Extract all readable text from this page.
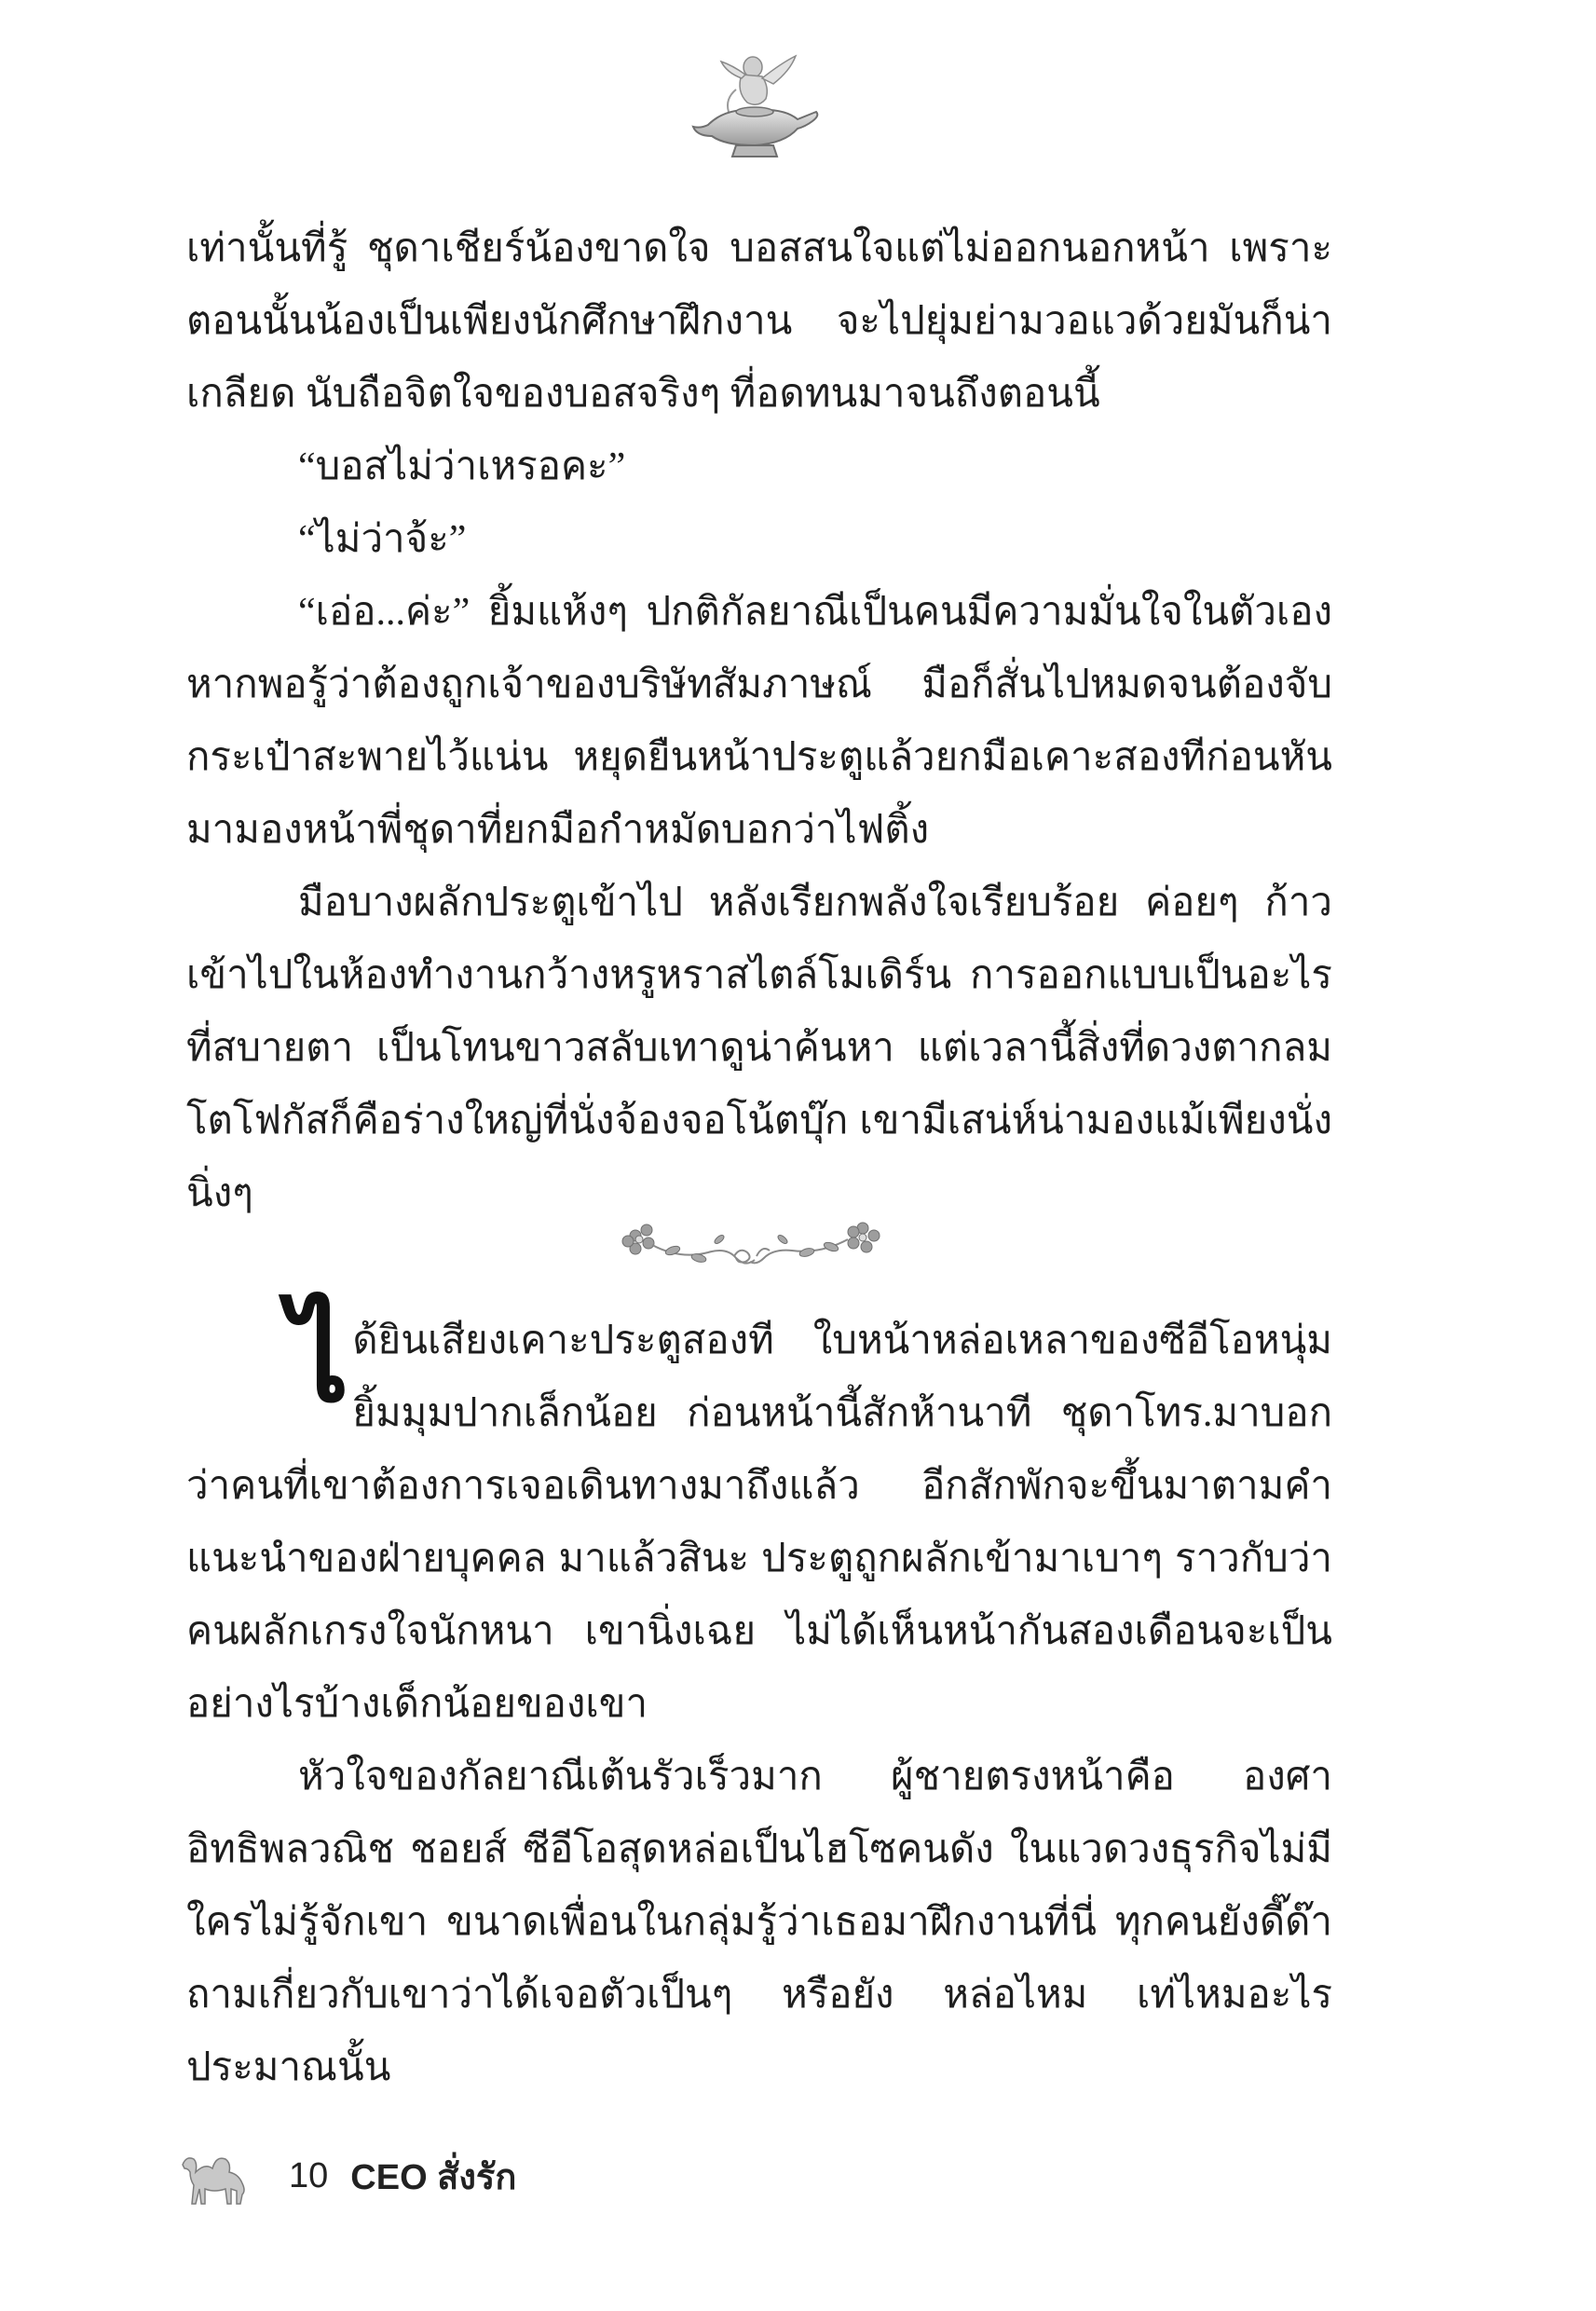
เท่านั้นที่รู้ ชุดาเชียร์น้องขาดใจ บอสสนใจแต่ไม่ออกนอกหน้า เพราะตอนนั้นน้องเป็นเพียงนักศึกษาฝึกงาน จะไปยุ่มย่ามวอแวด้วยมันก็น่าเกลียด นับถือจิตใจของบอสจริงๆ ที่อดทนมาจนถึงตอนนี้

“บอสไม่ว่าเหรอคะ”

“ไม่ว่าจ้ะ”

“เอ่อ...ค่ะ” ยิ้มแห้งๆ ปกติกัลยาณีเป็นคนมีความมั่นใจในตัวเองหากพอรู้ว่าต้องถูกเจ้าของบริษัทสัมภาษณ์ มือก็สั่นไปหมดจนต้องจับกระเป๋าสะพายไว้แน่น หยุดยืนหน้าประตูแล้วยกมือเคาะสองทีก่อนหันมามองหน้าพี่ชุดาที่ยกมือกำหมัดบอกว่าไฟติ้ง

มือบางผลักประตูเข้าไป หลังเรียกพลังใจเรียบร้อย ค่อยๆ ก้าวเข้าไปในห้องทำงานกว้างหรูหราสไตล์โมเดิร์น การออกแบบเป็นอะไรที่สบายตา เป็นโทนขาวสลับเทาดูน่าค้นหา แต่เวลานี้สิ่งที่ดวงตากลมโตโฟกัสก็คือร่างใหญ่ที่นั่งจ้องจอโน้ตบุ๊ก เขามีเสน่ห์น่ามองแม้เพียงนั่งนิ่งๆ

ได้ยินเสียงเคาะประตูสองที ใบหน้าหล่อเหลาของซีอีโอหนุ่มยิ้มมุมปากเล็กน้อย ก่อนหน้านี้สักห้านาที ชุดาโทร.มาบอกว่าคนที่เขาต้องการเจอเดินทางมาถึงแล้ว อีกสักพักจะขึ้นมาตามคำแนะนำของฝ่ายบุคคล มาแล้วสินะ ประตูถูกผลักเข้ามาเบาๆ ราวกับว่าคนผลักเกรงใจนักหนา เขานิ่งเฉย ไม่ได้เห็นหน้ากันสองเดือนจะเป็นอย่างไรบ้างเด็กน้อยของเขา

หัวใจของกัลยาณีเต้นรัวเร็วมาก ผู้ชายตรงหน้าคือ องศา อิทธิพลวณิช ชอยส์ ซีอีโอสุดหล่อเป็นไฮโซคนดัง ในแวดวงธุรกิจไม่มีใครไม่รู้จักเขา ขนาดเพื่อนในกลุ่มรู้ว่าเธอมาฝึกงานที่นี่ ทุกคนยังดี๊ด๊าถามเกี่ยวกับเขาว่าได้เจอตัวเป็นๆ หรือยัง หล่อไหม เท่ไหมอะไรประมาณนั้น

10 CEO สั่งรัก
